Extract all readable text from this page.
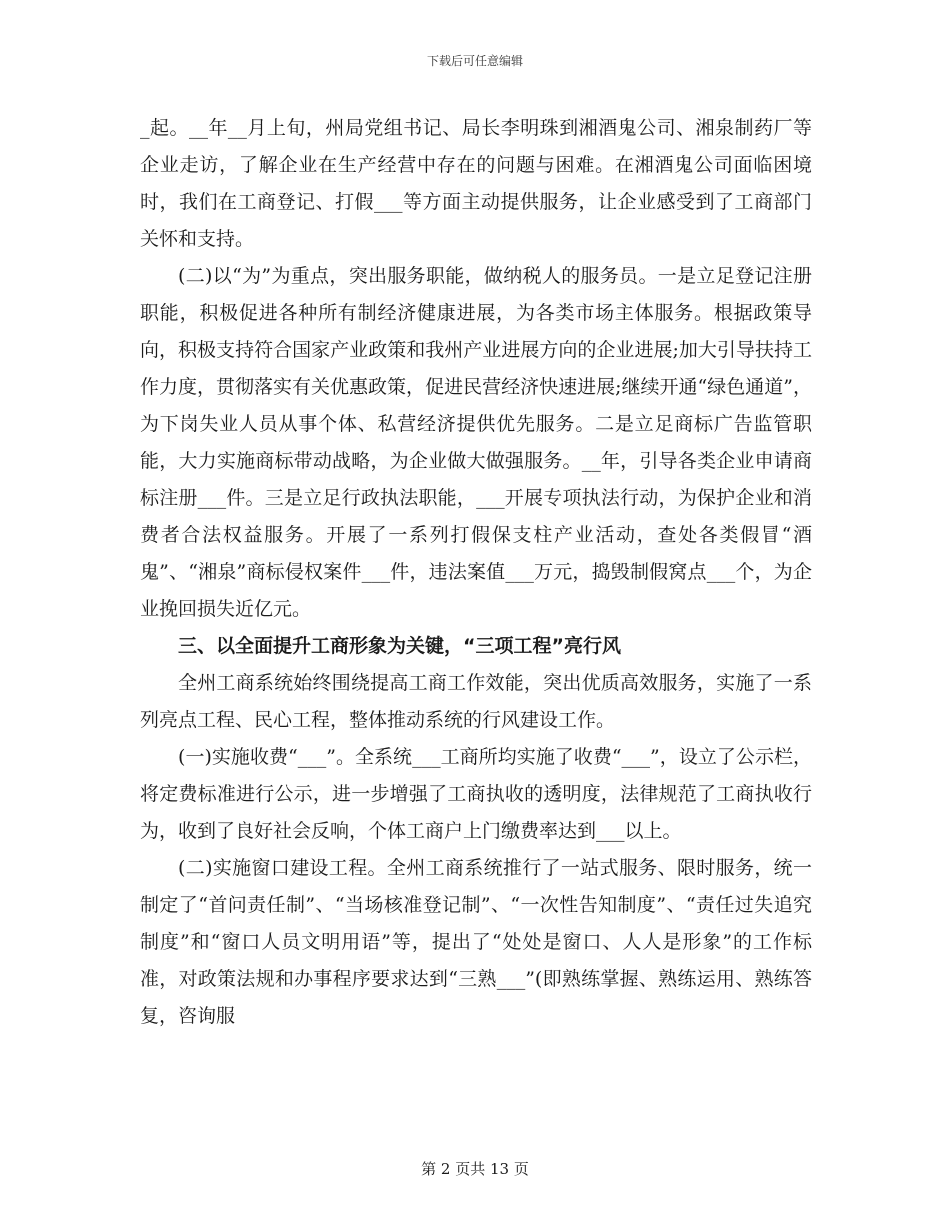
下载后可任意编辑

_起。__年__月上旬，州局党组书记、局长李明珠到湘酒鬼公司、湘泉制药厂等企业走访，了解企业在生产经营中存在的问题与困难。在湘酒鬼公司面临困境时，我们在工商登记、打假___等方面主动提供服务，让企业感受到了工商部门关怀和支持。

(二)以“为”为重点，突出服务职能，做纳税人的服务员。一是立足登记注册职能，积极促进各种所有制经济健康进展，为各类市场主体服务。根据政策导向，积极支持符合国家产业政策和我州产业进展方向的企业进展;加大引导扶持工作力度，贯彻落实有关优惠政策，促进民营经济快速进展;继续开通“绿色通道”，为下岗失业人员从事个体、私营经济提供优先服务。二是立足商标广告监管职能，大力实施商标带动战略，为企业做大做强服务。__年，引导各类企业申请商标注册___件。三是立足行政执法职能，___开展专项执法行动，为保护企业和消费者合法权益服务。开展了一系列打假保支柱产业活动，查处各类假冒“酒鬼”、“湘泉”商标侵权案件___件，违法案值___万元，捣毁制假窝点___个，为企业挽回损失近亿元。

三、以全面提升工商形象为关键，“三项工程”亮行风

全州工商系统始终围绕提高工商工作效能，突出优质高效服务，实施了一系列亮点工程、民心工程，整体推动系统的行风建设工作。

(一)实施收费“___”。全系统___工商所均实施了收费“___”，设立了公示栏，将定费标准进行公示，进一步增强了工商执收的透明度，法律规范了工商执收行为，收到了良好社会反响，个体工商户上门缴费率达到___以上。

(二)实施窗口建设工程。全州工商系统推行了一站式服务、限时服务，统一制定了“首问责任制”、“当场核准登记制”、“一次性告知制度”、“责任过失追究制度”和“窗口人员文明用语”等，提出了“处处是窗口、人人是形象”的工作标准，对政策法规和办事程序要求达到“三熟___”(即熟练掌握、熟练运用、熟练答复，咨询服

第 2 页共 13 页
